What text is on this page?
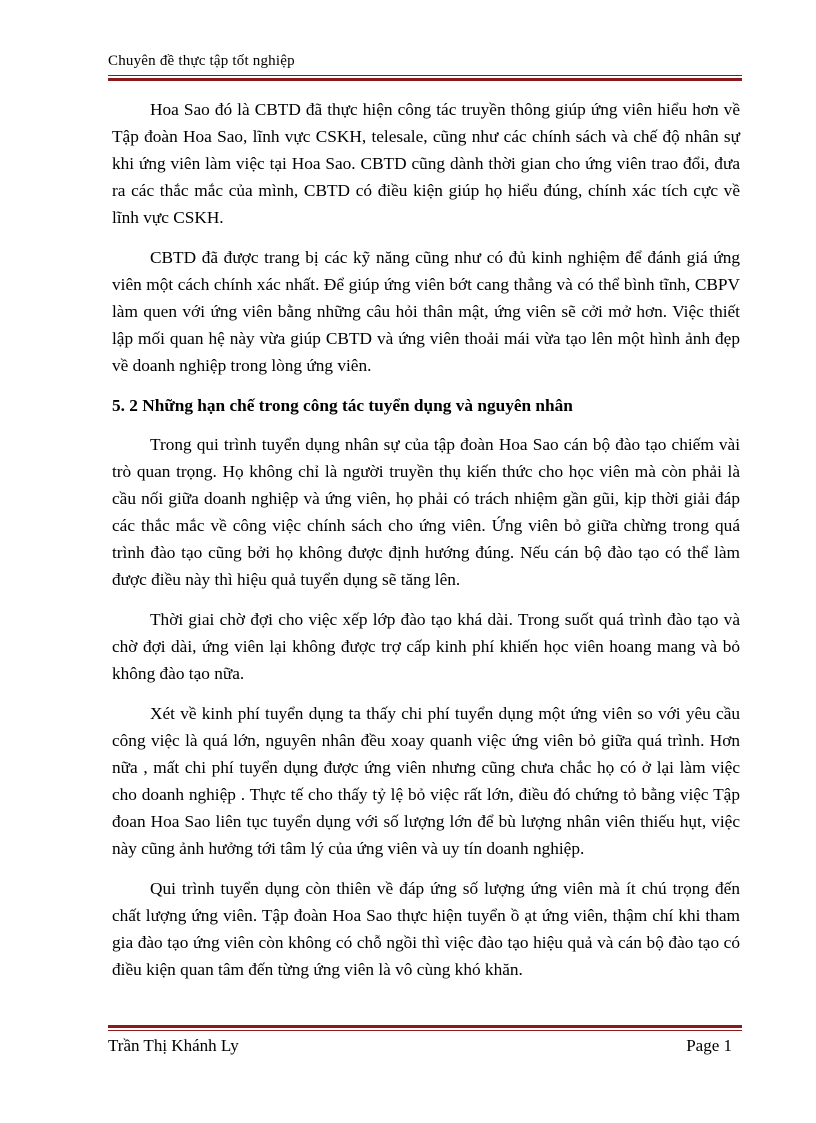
Chuyên đề thực tập tốt nghiệp

Hoa Sao đó là CBTD đã thực hiện công tác truyền thông giúp ứng viên hiểu hơn về Tập đoàn Hoa Sao, lĩnh vực CSKH, telesale, cũng như các chính sách và chế độ nhân sự khi ứng viên làm việc tại Hoa Sao. CBTD cũng dành thời gian cho ứng viên trao đổi, đưa ra các thắc mắc của mình, CBTD có điều kiện giúp họ hiểu đúng, chính xác tích cực về lĩnh vực CSKH.

CBTD đã được trang bị các kỹ năng cũng như có đủ kinh nghiệm để đánh giá ứng viên một cách chính xác nhất. Để giúp ứng viên bớt cang thẳng và có thể bình tĩnh, CBPV làm quen với ứng viên bằng những câu hỏi thân mật, ứng viên sẽ cởi mở hơn. Việc thiết lập mối quan hệ này vừa giúp CBTD và ứng viên thoải mái vừa tạo lên một hình ảnh đẹp về doanh nghiệp trong lòng ứng viên.

5. 2 Những hạn chế trong công tác tuyển dụng và nguyên nhân

Trong qui trình tuyển dụng nhân sự của tập đoàn Hoa Sao cán bộ đào tạo chiếm vài trò quan trọng. Họ không chỉ là người truyền thụ kiến thức cho học viên mà còn phải là cầu nối giữa doanh nghiệp và ứng viên, họ phải có trách nhiệm gần gũi, kịp thời giải đáp các thắc mắc về công việc chính sách cho ứng viên. Ứng viên bỏ giữa chừng trong quá trình đào tạo cũng bởi họ không được định hướng đúng. Nếu cán bộ đào tạo có thể làm được điều này thì hiệu quả tuyển dụng sẽ tăng lên.

Thời giai chờ đợi cho việc xếp lớp đào tạo khá dài. Trong suốt quá trình đào tạo và chờ đợi dài, ứng viên lại không được trợ cấp kinh phí khiến học viên hoang mang và bỏ không đào tạo nữa.

Xét về kinh phí tuyển dụng ta thấy chi phí tuyển dụng một ứng viên so với yêu cầu công việc là quá lớn, nguyên nhân đều xoay quanh việc ứng viên bỏ giữa quá trình. Hơn nữa , mất chi phí tuyển dụng được ứng viên nhưng cũng chưa chắc họ có ở lại làm việc cho doanh nghiệp . Thực tế cho thấy tỷ lệ bỏ việc rất lớn, điều đó chứng tỏ bằng việc Tập đoan Hoa Sao liên tục tuyển dụng với số lượng lớn để bù lượng nhân viên thiếu hụt, việc này cũng ảnh hưởng tới tâm lý của ứng viên và uy tín doanh nghiệp.

Qui trình tuyển dụng còn thiên về đáp ứng số lượng ứng viên mà ít chú trọng đến chất lượng ứng viên. Tập đoàn Hoa Sao thực hiện tuyển ồ ạt ứng viên, thậm chí khi tham gia đào tạo ứng viên còn không có chỗ ngồi thì việc đào tạo hiệu quả và cán bộ đào tạo có điều kiện quan tâm đến từng ứng viên là vô cùng khó khăn.

Trần Thị Khánh Ly	Page 1
